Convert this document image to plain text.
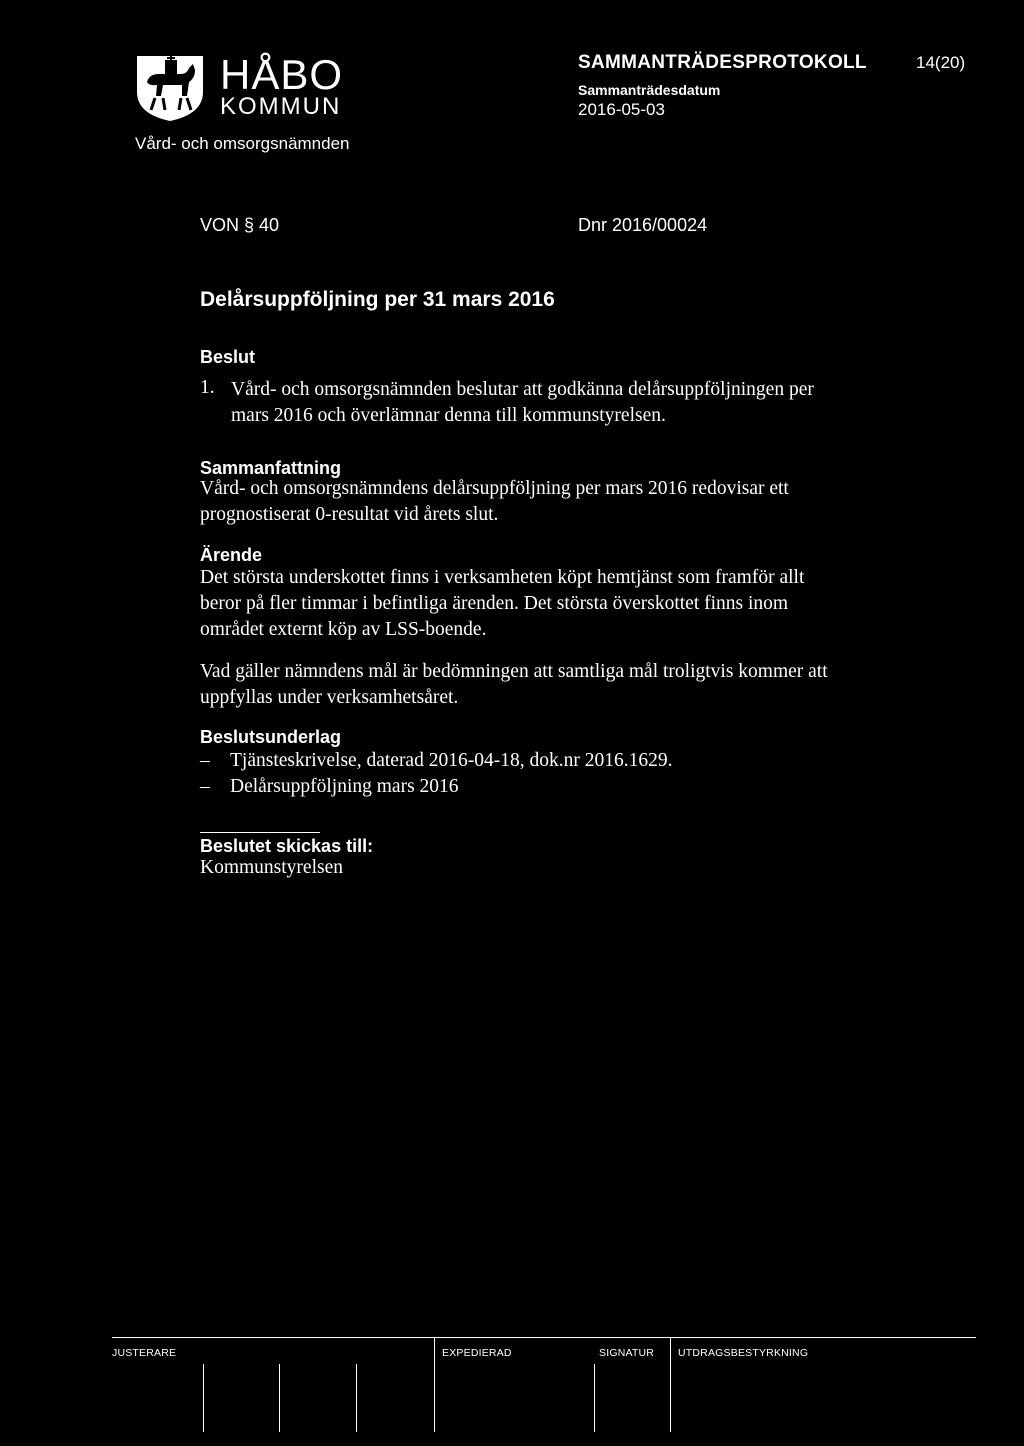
HÅBO
KOMMUN
Vård- och omsorgsnämnden
SAMMANTRÄDESPROTOKOLL	14(20)
Sammanträdesdatum
2016-05-03
VON § 40	Dnr 2016/00024
Delårsuppföljning per 31 mars 2016
Beslut
1. Vård- och omsorgsnämnden beslutar att godkänna delårsuppföljningen per
mars 2016 och överlämnar denna till kommunstyrelsen.
Sammanfattning
Vård- och omsorgsnämndens delårsuppföljning per mars 2016 redovisar ett
prognostiserat 0-resultat vid årets slut.
Ärende
Det största underskottet finns i verksamheten köpt hemtjänst som framför allt
beror på fler timmar i befintliga ärenden. Det största överskottet finns inom
området externt köp av LSS-boende.
Vad gäller nämndens mål är bedömningen att samtliga mål troligtvis kommer att
uppfyllas under verksamhetsåret.
Beslutsunderlag
– Tjänsteskrivelse, daterad 2016-04-18, dok.nr 2016.1629.
– Delårsuppföljning mars 2016
Beslutet skickas till:
Kommunstyrelsen
JUSTERARE	EXPEDIERAD	SIGNATUR UTDRAGSBESTYRKNING
